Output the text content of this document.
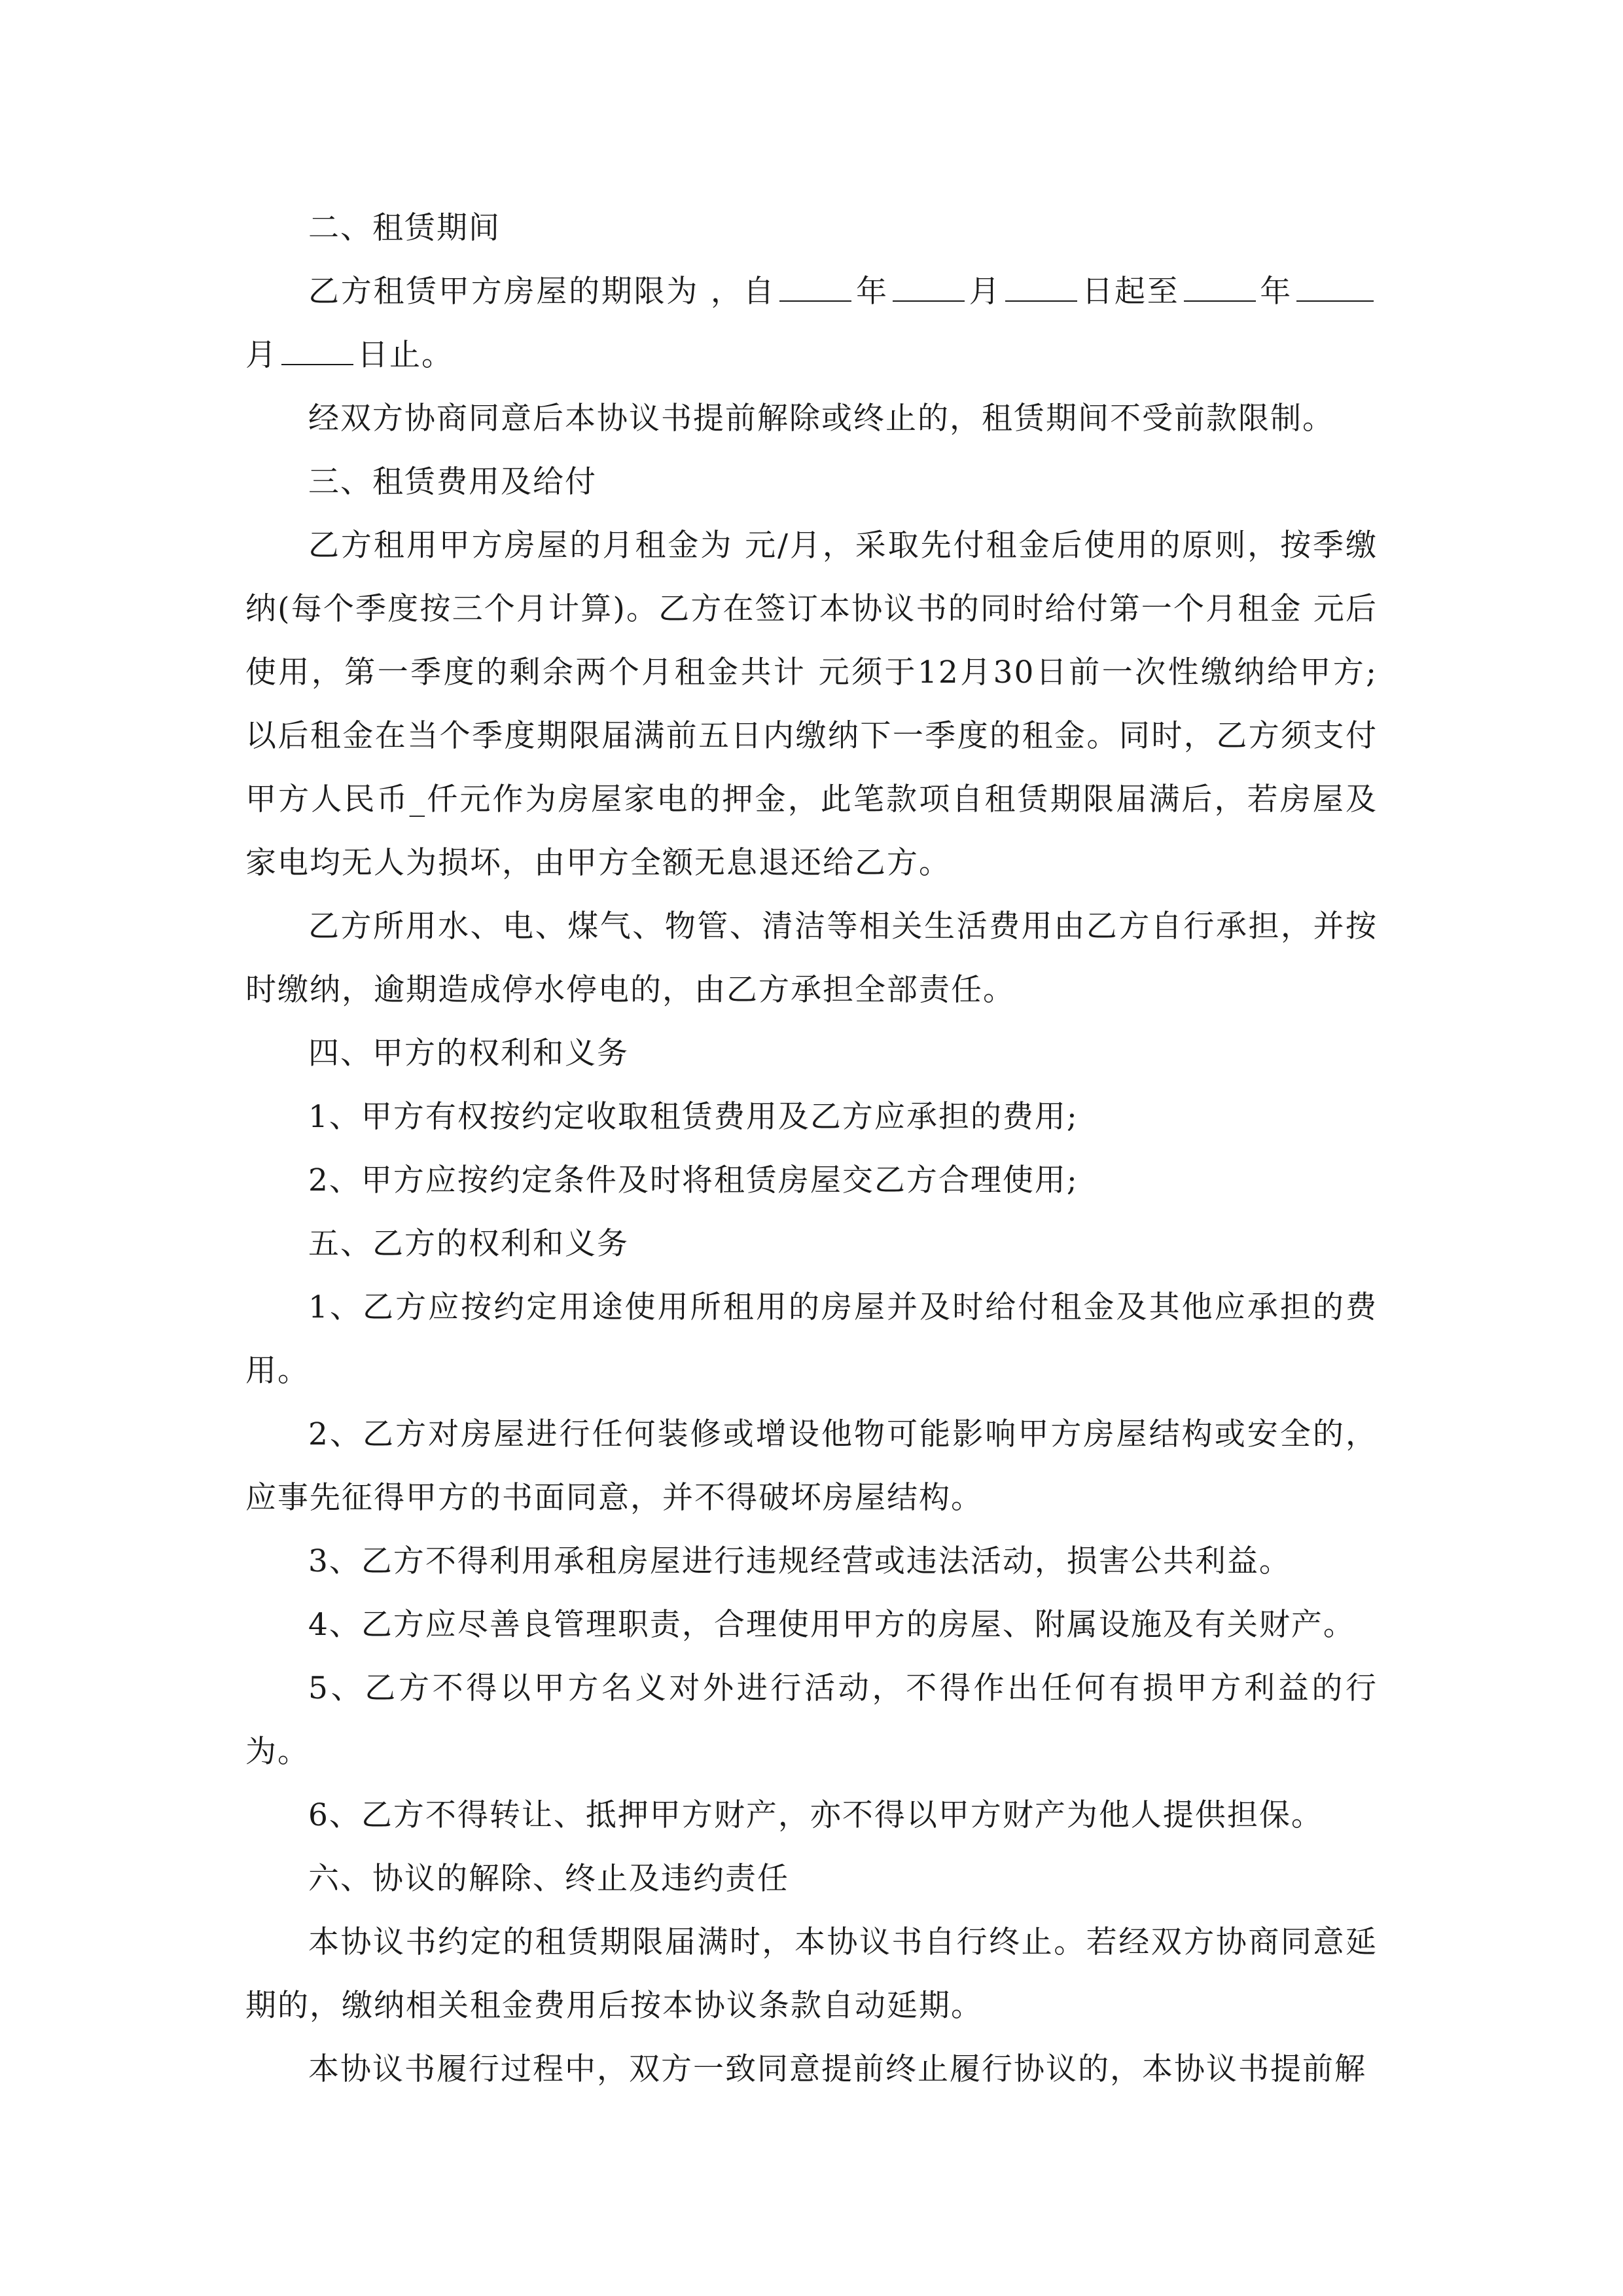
二、租赁期间

乙方租赁甲方房屋的期限为 ，自	年	月	日起至	年月	日止。

经双方协商同意后本协议书提前解除或终止的，租赁期间不受前款限制。

三、租赁费用及给付

乙方租用甲方房屋的月租金为 元/月，采取先付租金后使用的原则，按季缴纳(每个季度按三个月计算)。乙方在签订本协议书的同时给付第一个月租金 元后使用，第一季度的剩余两个月租金共计 元须于12月30日前一次性缴纳给甲方;以后租金在当个季度期限届满前五日内缴纳下一季度的租金。同时，乙方须支付甲方人民币_仟元作为房屋家电的押金，此笔款项自租赁期限届满后，若房屋及家电均无人为损坏，由甲方全额无息退还给乙方。

乙方所用水、电、煤气、物管、清洁等相关生活费用由乙方自行承担，并按时缴纳，逾期造成停水停电的，由乙方承担全部责任。

四、甲方的权利和义务

1、甲方有权按约定收取租赁费用及乙方应承担的费用;

2、甲方应按约定条件及时将租赁房屋交乙方合理使用;

五、乙方的权利和义务

1、乙方应按约定用途使用所租用的房屋并及时给付租金及其他应承担的费用。

2、乙方对房屋进行任何装修或增设他物可能影响甲方房屋结构或安全的，应事先征得甲方的书面同意，并不得破坏房屋结构。

3、乙方不得利用承租房屋进行违规经营或违法活动，损害公共利益。

4、乙方应尽善良管理职责，合理使用甲方的房屋、附属设施及有关财产。

5、乙方不得以甲方名义对外进行活动，不得作出任何有损甲方利益的行为。

6、乙方不得转让、抵押甲方财产，亦不得以甲方财产为他人提供担保。

六、协议的解除、终止及违约责任

本协议书约定的租赁期限届满时，本协议书自行终止。若经双方协商同意延期的，缴纳相关租金费用后按本协议条款自动延期。

本协议书履行过程中，双方一致同意提前终止履行协议的，本协议书提前解
